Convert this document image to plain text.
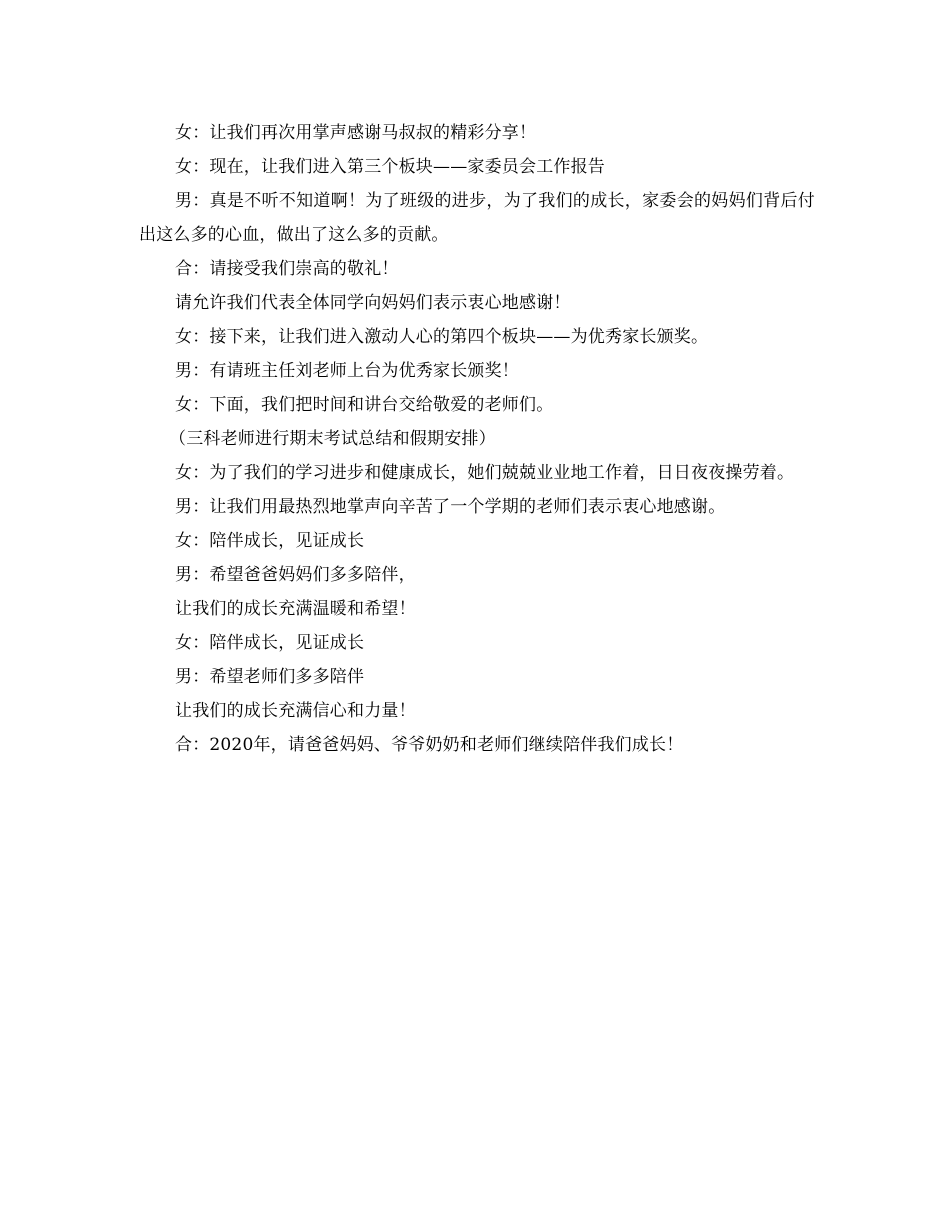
女：让我们再次用掌声感谢马叔叔的精彩分享！

女：现在，让我们进入第三个板块——家委员会工作报告

男：真是不听不知道啊！为了班级的进步，为了我们的成长，家委会的妈妈们背后付出这么多的心血，做出了这么多的贡献。

合：请接受我们崇高的敬礼！

请允许我们代表全体同学向妈妈们表示衷心地感谢！

女：接下来，让我们进入激动人心的第四个板块——为优秀家长颁奖。

男：有请班主任刘老师上台为优秀家长颁奖！

女：下面，我们把时间和讲台交给敬爱的老师们。

（三科老师进行期末考试总结和假期安排）

女：为了我们的学习进步和健康成长，她们兢兢业业地工作着，日日夜夜操劳着。

男：让我们用最热烈地掌声向辛苦了一个学期的老师们表示衷心地感谢。

女：陪伴成长，见证成长

男：希望爸爸妈妈们多多陪伴，

让我们的成长充满温暖和希望！

女：陪伴成长，见证成长

男：希望老师们多多陪伴

让我们的成长充满信心和力量！

合：2020年，请爸爸妈妈、爷爷奶奶和老师们继续陪伴我们成长！
